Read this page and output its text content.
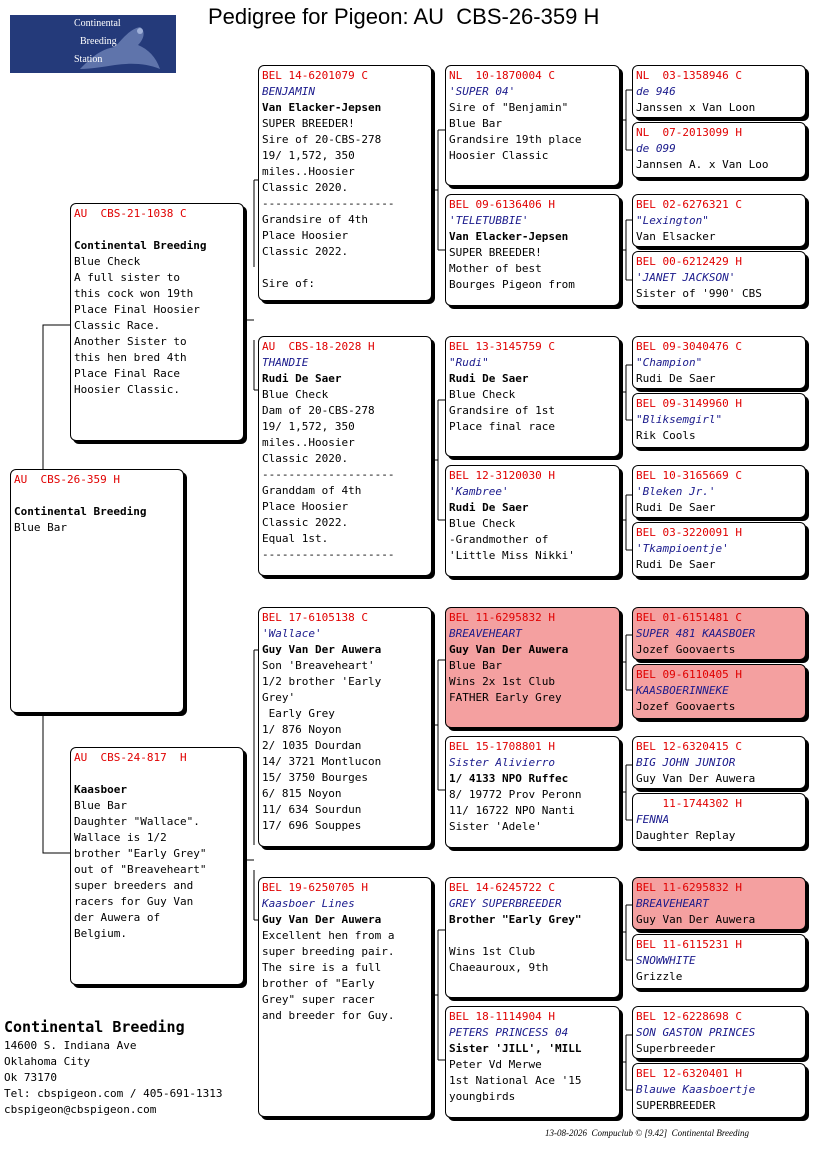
Pedigree for Pigeon: AU  CBS-26-359 H
Continental
Breeding
Station
AU  CBS-26-359 H
Continental Breeding
Blue Bar
AU  CBS-21-1038 C
Continental Breeding
Blue Check
A full sister to
this cock won 19th
Place Final Hoosier
Classic Race.
Another Sister to
this hen bred 4th
Place Final Race
Hoosier Classic.
AU  CBS-24-817  H
Kaasboer
Blue Bar
Daughter "Wallace".
Wallace is 1/2
brother "Early Grey"
out of "Breaveheart"
super breeders and
racers for Guy Van
der Auwera of
Belgium.
BEL 14-6201079 C
BENJAMIN
Van Elacker-Jepsen
SUPER BREEDER!
Sire of 20-CBS-278
19/ 1,572, 350
miles..Hoosier
Classic 2020.
--------------------
Grandsire of 4th
Place Hoosier
Classic 2022.
Sire of:
AU  CBS-18-2028 H
THANDIE
Rudi De Saer
Blue Check
Dam of 20-CBS-278
19/ 1,572, 350
miles..Hoosier
Classic 2020.
--------------------
Granddam of 4th
Place Hoosier
Classic 2022.
Equal 1st.
--------------------
BEL 17-6105138 C
'Wallace'
Guy Van Der Auwera
Son 'Breaveheart'
1/2 brother 'Early
Grey'
Early Grey
1/ 876 Noyon
2/ 1035 Dourdan
14/ 3721 Montlucon
15/ 3750 Bourges
6/ 815 Noyon
11/ 634 Sourdun
17/ 696 Souppes
BEL 19-6250705 H
Kaasboer Lines
Guy Van Der Auwera
Excellent hen from a
super breeding pair.
The sire is a full
brother of "Early
Grey" super racer
and breeder for Guy.
NL  10-1870004 C
'SUPER 04'
Sire of "Benjamin"
Blue Bar
Grandsire 19th place
Hoosier Classic
BEL 09-6136406 H
'TELETUBBIE'
Van Elacker-Jepsen
SUPER BREEDER!
Mother of best
Bourges Pigeon from
BEL 13-3145759 C
"Rudi"
Rudi De Saer
Blue Check
Grandsire of 1st
Place final race
BEL 12-3120030 H
'Kambree'
Rudi De Saer
Blue Check
-Grandmother of
'Little Miss Nikki'
BEL 11-6295832 H
BREAVEHEART
Guy Van Der Auwera
Blue Bar
Wins 2x 1st Club
FATHER Early Grey
BEL 15-1708801 H
Sister Alivierro
1/ 4133 NPO Ruffec
8/ 19772 Prov Peronn
11/ 16722 NPO Nanti
Sister 'Adele'
BEL 14-6245722 C
GREY SUPERBREEDER
Brother "Early Grey"
Wins 1st Club
Chaeauroux, 9th
BEL 18-1114904 H
PETERS PRINCESS 04
Sister 'JILL', 'MILL
Peter Vd Merwe
1st National Ace '15
youngbirds
NL  03-1358946 C
de 946
Janssen x Van Loon
NL  07-2013099 H
de 099
Jannsen A. x Van Loo
BEL 02-6276321 C
"Lexington"
Van Elsacker
BEL 00-6212429 H
'JANET JACKSON'
Sister of '990' CBS
BEL 09-3040476 C
"Champion"
Rudi De Saer
BEL 09-3149960 H
"Bliksemgirl"
Rik Cools
BEL 10-3165669 C
'Bleken Jr.'
Rudi De Saer
BEL 03-3220091 H
'Tkampioentje'
Rudi De Saer
BEL 01-6151481 C
SUPER 481 KAASBOER
Jozef Goovaerts
BEL 09-6110405 H
KAASBOERINNEKE
Jozef Goovaerts
BEL 12-6320415 C
BIG JOHN JUNIOR
Guy Van Der Auwera
11-1744302 H
FENNA
Daughter Replay
BEL 11-6295832 H
BREAVEHEART
Guy Van Der Auwera
BEL 11-6115231 H
SNOWWHITE
Grizzle
BEL 12-6228698 C
SON GASTON PRINCES
Superbreeder
BEL 12-6320401 H
Blauwe Kaasboertje
SUPERBREEDER
Continental Breeding
14600 S. Indiana Ave
Oklahoma City
Ok 73170
Tel: cbspigeon.com / 405-691-1313
cbspigeon@cbspigeon.com
13-08-2026  Compuclub © [9.42]  Continental Breeding
